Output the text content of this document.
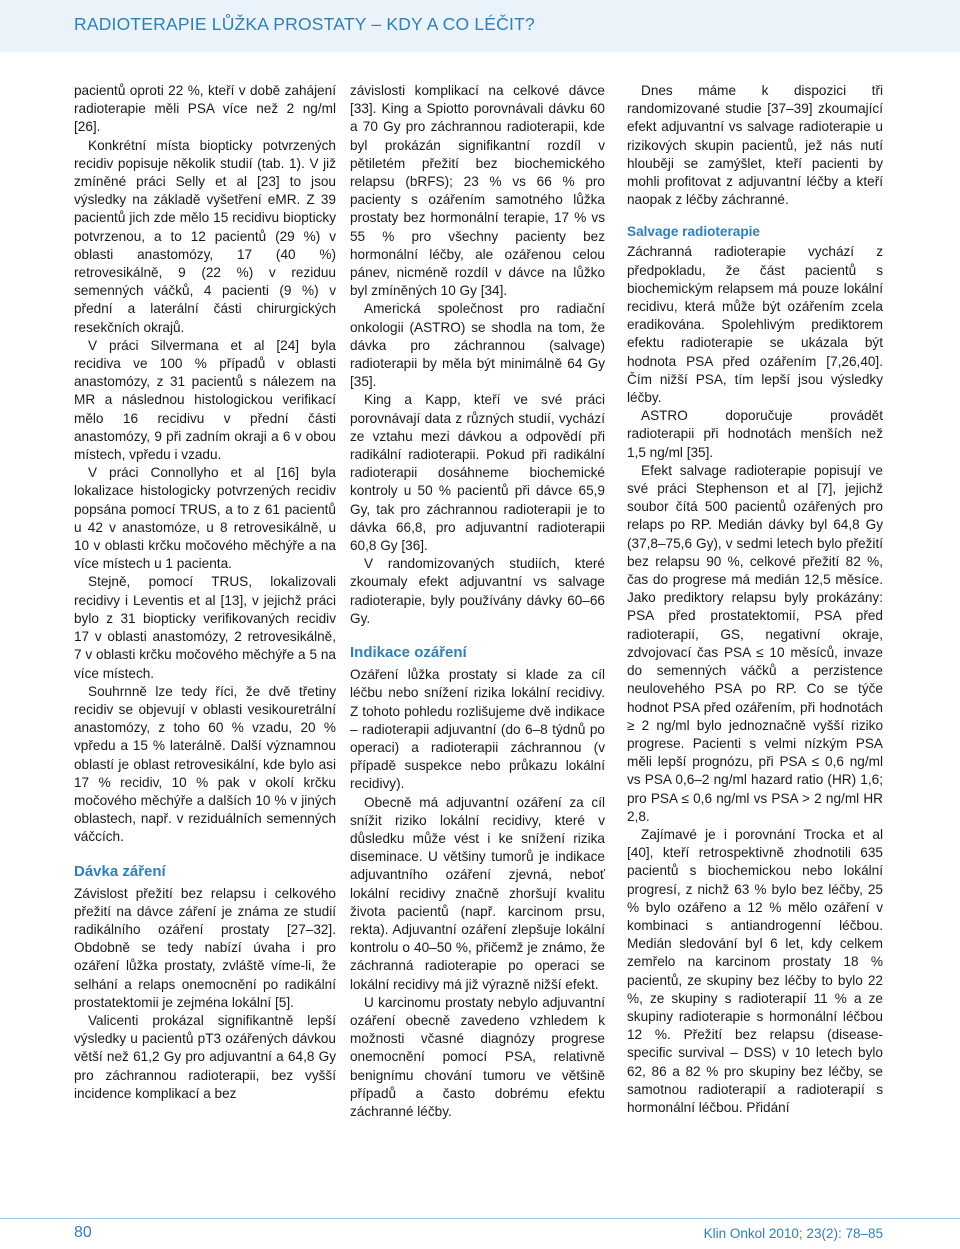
RADIOTERAPIE LŮŽKA PROSTATY – KDY A CO LÉČIT?

pacientů oproti 22 %, kteří v době zahájení radioterapie měli PSA více než 2 ng/ml [26].

Konkrétní místa biopticky potvrzených recidiv popisuje několik studií (tab. 1). V již zmíněné práci Selly et al [23] to jsou výsledky na základě vyšetření eMR. Z 39 pacientů jich zde mělo 15 recidivu biopticky potvrzenou, a to 12 pacientů (29 %) v oblasti anastomózy, 17 (40 %) retrovesikálně, 9 (22 %) v reziduu semenných váčků, 4 pacienti (9 %) v přední a laterální části chirurgických resekčních okrajů.

V práci Silvermana et al [24] byla recidiva ve 100 % případů v oblasti anastomózy, z 31 pacientů s nálezem na MR a následnou histologickou verifikací mělo 16 recidivu v přední části anastomózy, 9 při zadním okraji a 6 v obou místech, vpředu i vzadu.

V práci Connollyho et al [16] byla lokalizace histologicky potvrzených recidiv popsána pomocí TRUS, a to z 61 pacientů u 42 v anastomóze, u 8 retrovesikálně, u 10 v oblasti krčku močového měchýře a na více místech u 1 pacienta.

Stejně, pomocí TRUS, lokalizovali recidivy i Leventis et al [13], v jejichž práci bylo z 31 biopticky verifikovaných recidiv 17 v oblasti anastomózy, 2 retrovesikálně, 7 v oblasti krčku močového měchýře a 5 na více místech.

Souhrnně lze tedy říci, že dvě třetiny recidiv se objevují v oblasti vesikouretrální anastomózy, z toho 60 % vzadu, 20 % vpředu a 15 % laterálně. Další významnou oblastí je oblast retrovesikální, kde bylo asi 17 % recidiv, 10 % pak v okolí krčku močového měchýře a dalších 10 % v jiných oblastech, např. v reziduálních semenných váčcích.

Dávka záření

Závislost přežití bez relapsu i celkového přežití na dávce záření je známa ze studií radikálního ozáření prostaty [27–32]. Obdobně se tedy nabízí úvaha i pro ozáření lůžka prostaty, zvláště víme-li, že selhání a relaps onemocnění po radikální prostatektomii je zejména lokální [5].

Valicenti prokázal signifikantně lepší výsledky u pacientů pT3 ozářených dávkou větší než 61,2 Gy pro adjuvantní a 64,8 Gy pro záchrannou radioterapii, bez vyšší incidence komplikací a bez

závislosti komplikací na celkové dávce [33]. King a Spiotto porovnávali dávku 60 a 70 Gy pro záchrannou radioterapii, kde byl prokázán signifikantní rozdíl v pětiletém přežití bez biochemického relapsu (bRFS); 23 % vs 66 % pro pacienty s ozářením samotného lůžka prostaty bez hormonální terapie, 17 % vs 55 % pro všechny pacienty bez hormonální léčby, ale ozářenou celou pánev, nicméně rozdíl v dávce na lůžko byl zmíněných 10 Gy [34].

Americká společnost pro radiační onkologii (ASTRO) se shodla na tom, že dávka pro záchrannou (salvage) radioterapii by měla být minimálně 64 Gy [35].

King a Kapp, kteří ve své práci porovnávají data z různých studií, vychází ze vztahu mezi dávkou a odpovědí při radikální radioterapii. Pokud při radikální radioterapii dosáhneme biochemické kontroly u 50 % pacientů při dávce 65,9 Gy, tak pro záchrannou radioterapii je to dávka 66,8, pro adjuvantní radioterapii 60,8 Gy [36].

V randomizovaných studiích, které zkoumaly efekt adjuvantní vs salvage radioterapie, byly používány dávky 60–66 Gy.

Indikace ozáření

Ozáření lůžka prostaty si klade za cíl léčbu nebo snížení rizika lokální recidivy. Z tohoto pohledu rozlišujeme dvě indikace – radioterapii adjuvantní (do 6–8 týdnů po operaci) a radioterapii záchrannou (v případě suspekce nebo průkazu lokální recidivy).

Obecně má adjuvantní ozáření za cíl snížit riziko lokální recidivy, které v důsledku může vést i ke snížení rizika diseminace. U většiny tumorů je indikace adjuvantního ozáření zjevná, neboť lokální recidivy značně zhoršují kvalitu života pacientů (např. karcinom prsu, rekta). Adjuvantní ozáření zlepšuje lokální kontrolu o 40–50 %, přičemž je známo, že záchranná radioterapie po operaci se lokální recidivy má již výrazně nižší efekt.

U karcinomu prostaty nebylo adjuvantní ozáření obecně zavedeno vzhledem k možnosti včasné diagnózy progrese onemocnění pomocí PSA, relativně benignímu chování tumoru ve většině případů a často dobrému efektu záchranné léčby.

Dnes máme k dispozici tři randomizované studie [37–39] zkoumající efekt adjuvantní vs salvage radioterapie u rizikových skupin pacientů, jež nás nutí hlouběji se zamýšlet, kteří pacienti by mohli profitovat z adjuvantní léčby a kteří naopak z léčby záchranné.

Salvage radioterapie

Záchranná radioterapie vychází z předpokladu, že část pacientů s biochemickým relapsem má pouze lokální recidivu, která může být ozářením zcela eradikována. Spolehlivým prediktorem efektu radioterapie se ukázala být hodnota PSA před ozářením [7,26,40]. Čím nižší PSA, tím lepší jsou výsledky léčby.

ASTRO doporučuje provádět radioterapii při hodnotách menších než 1,5 ng/ml [35].

Efekt salvage radioterapie popisují ve své práci Stephenson et al [7], jejichž soubor čítá 500 pacientů ozářených pro relaps po RP. Medián dávky byl 64,8 Gy (37,8–75,6 Gy), v sedmi letech bylo přežití bez relapsu 90 %, celkové přežití 82 %, čas do progrese má medián 12,5 měsíce. Jako prediktory relapsu byly prokázány: PSA před prostatektomií, PSA před radioterapií, GS, negativní okraje, zdvojovací čas PSA ≤ 10 měsíců, invaze do semenných váčků a perzistence neulovehého PSA po RP. Co se týče hodnot PSA před ozářením, při hodnotách ≥ 2 ng/ml bylo jednoznačně vyšší riziko progrese. Pacienti s velmi nízkým PSA měli lepší prognózu, při PSA ≤ 0,6 ng/ml vs PSA 0,6–2 ng/ml hazard ratio (HR) 1,6; pro PSA ≤ 0,6 ng/ml vs PSA > 2 ng/ml HR 2,8.

Zajímavé je i porovnání Trocka et al [40], kteří retrospektivně zhodnotili 635 pacientů s biochemickou nebo lokální progresí, z nichž 63 % bylo bez léčby, 25 % bylo ozářeno a 12 % mělo ozáření v kombinaci s antiandrogenní léčbou. Medián sledování byl 6 let, kdy celkem zemřelo na karcinom prostaty 18 % pacientů, ze skupiny bez léčby to bylo 22 %, ze skupiny s radioterapií 11 % a ze skupiny radioterapie s hormonální léčbou 12 %. Přežití bez relapsu (disease-specific survival – DSS) v 10 letech bylo 62, 86 a 82 % pro skupiny bez léčby, se samotnou radioterapií a radioterapií s hormonální léčbou. Přidání

80	Klin Onkol 2010; 23(2): 78–85
